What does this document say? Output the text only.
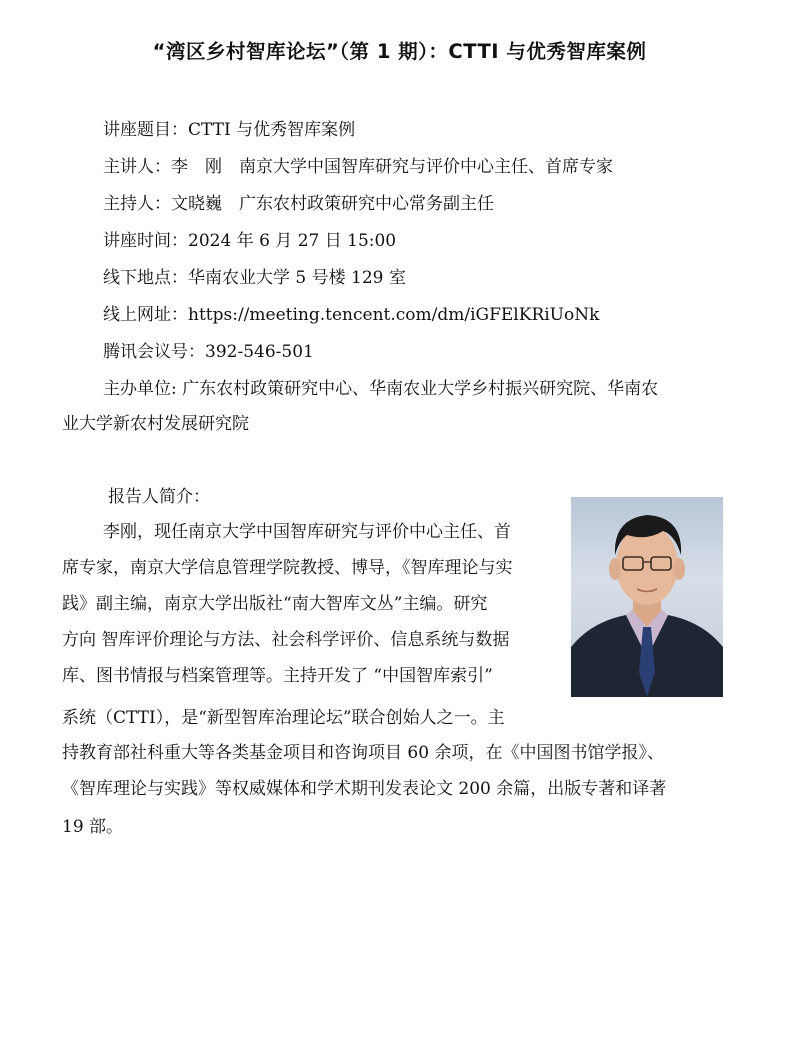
“湾区乡村智库论坛”（第 1 期）：CTTI 与优秀智库案例
讲座题目：CTTI 与优秀智库案例
主讲人：李　刚　南京大学中国智库研究与评价中心主任、首席专家
主持人：文晓巍　广东农村政策研究中心常务副主任
讲座时间：2024 年 6 月 27 日 15:00
线下地点：华南农业大学 5 号楼 129 室
线上网址：https://meeting.tencent.com/dm/iGFElKRiUoNk
腾讯会议号：392-546-501
主办单位: 广东农村政策研究中心、华南农业大学乡村振兴研究院、华南农
业大学新农村发展研究院
报告人简介：
李刚，现任南京大学中国智库研究与评价中心主任、首
席专家，南京大学信息管理学院教授、博导，《智库理论与实
践》副主编，南京大学出版社“南大智库文丛”主编。研究
方向 智库评价理论与方法、社会科学评价、信息系统与数据
库、图书情报与档案管理等。主持开发了 “中国智库索引”
系统（CTTI），是“新型智库治理论坛”联合创始人之一。主
持教育部社科重大等各类基金项目和咨询项目 60 余项，在《中国图书馆学报》、
《智库理论与实践》等权威媒体和学术期刊发表论文 200 余篇，出版专著和译著
19 部。
